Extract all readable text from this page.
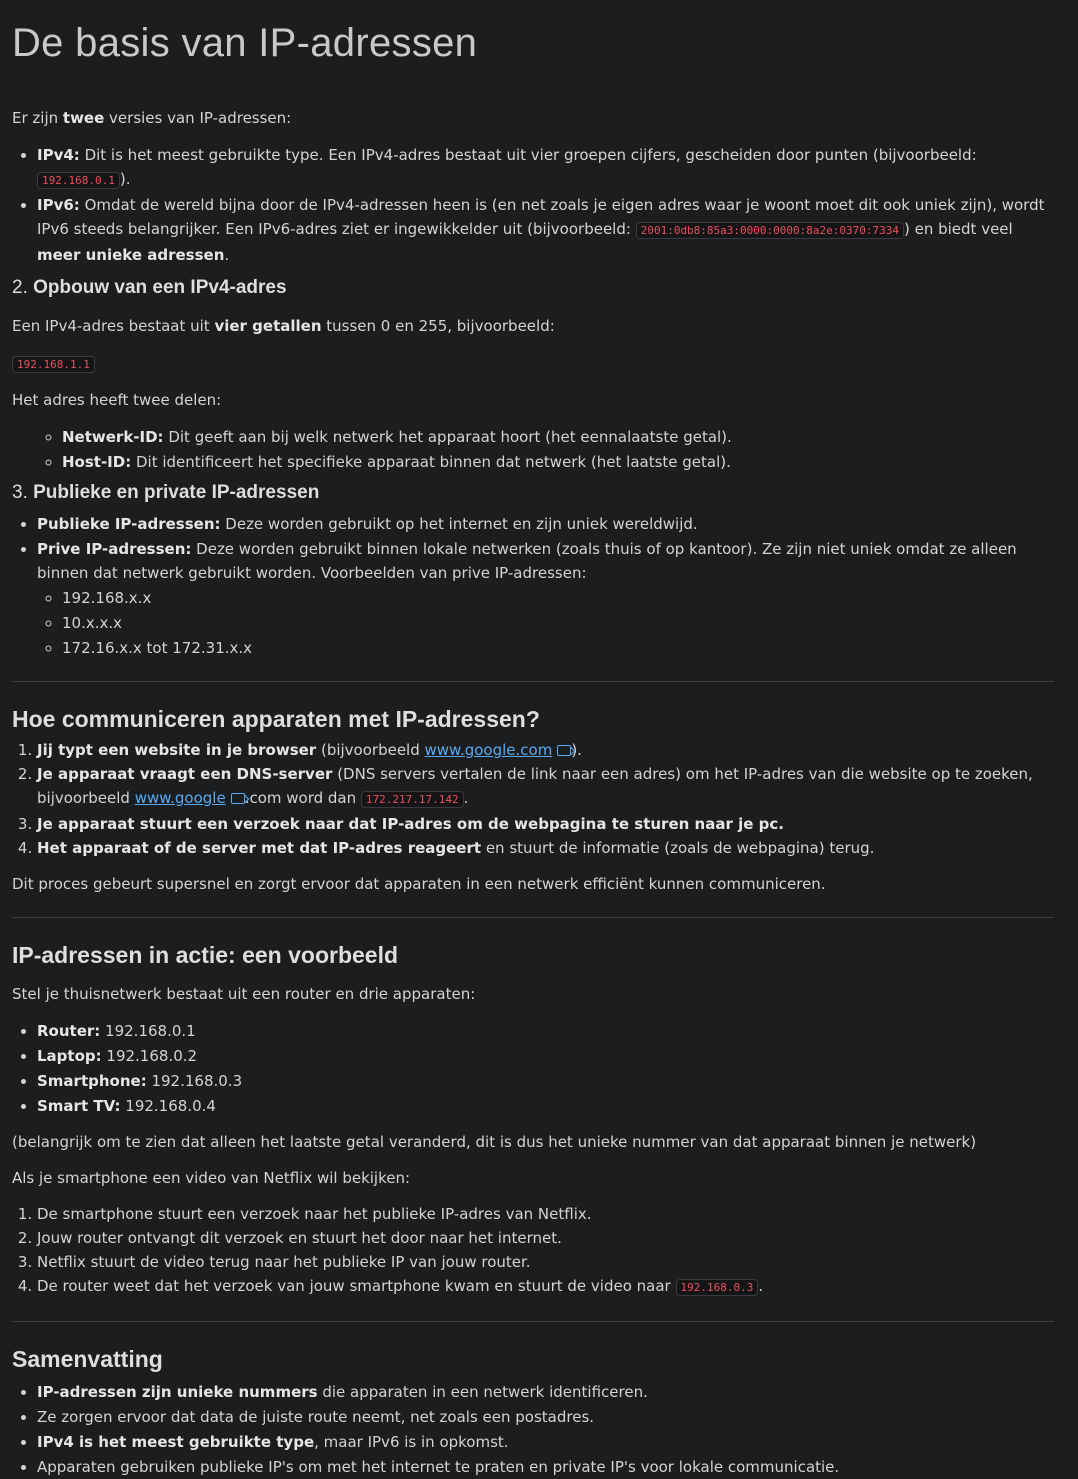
De basis van IP-adressen

Er zijn twee versies van IP-adressen:

• IPv4: Dit is het meest gebruikte type. Een IPv4-adres bestaat uit vier groepen cijfers, gescheiden door punten (bijvoorbeeld: 192.168.0.1 ).
• IPv6: Omdat de wereld bijna door de IPv4-adressen heen is (en net zoals je eigen adres waar je woont moet dit ook uniek zijn), wordt IPv6 steeds belangrijker. Een IPv6-adres ziet er ingewikkelder uit (bijvoorbeeld: 2001:0db8:85a3:0000:0000:8a2e:0370:7334 ) en biedt veel meer unieke adressen.
2. Opbouw van een IPv4-adres

Een IPv4-adres bestaat uit vier getallen tussen 0 en 255, bijvoorbeeld:

192.168.1.1

Het adres heeft twee delen:

◦ Netwerk-ID: Dit geeft aan bij welk netwerk het apparaat hoort (het eennalaatste getal).
◦ Host-ID: Dit identificeert het specifieke apparaat binnen dat netwerk (het laatste getal).
3. Publieke en private IP-adressen
• Publieke IP-adressen: Deze worden gebruikt op het internet en zijn uniek wereldwijd.
• Prive IP-adressen: Deze worden gebruikt binnen lokale netwerken (zoals thuis of op kantoor). Ze zijn niet uniek omdat ze alleen binnen dat netwerk gebruikt worden. Voorbeelden van prive IP-adressen:
◦ 192.168.x.x
◦ 10.x.x.x
◦ 172.16.x.x tot 172.31.x.x
Hoe communiceren apparaten met IP-adressen?
1. Jij typt een website in je browser (bijvoorbeeld www.google.com ).
2. Je apparaat vraagt een DNS-server (DNS servers vertalen de link naar een adres) om het IP-adres van die website op te zoeken, bijvoorbeeld www.google .com word dan 172.217.17.142 .
3. Je apparaat stuurt een verzoek naar dat IP-adres om de webpagina te sturen naar je pc.
4. Het apparaat of de server met dat IP-adres reageert en stuurt de informatie (zoals de webpagina) terug.

Dit proces gebeurt supersnel en zorgt ervoor dat apparaten in een netwerk efficiënt kunnen communiceren.

IP-adressen in actie: een voorbeeld

Stel je thuisnetwerk bestaat uit een router en drie apparaten:

• Router: 192.168.0.1
• Laptop: 192.168.0.2
• Smartphone: 192.168.0.3
• Smart TV: 192.168.0.4

(belangrijk om te zien dat alleen het laatste getal veranderd, dit is dus het unieke nummer van dat apparaat binnen je netwerk)

Als je smartphone een video van Netflix wil bekijken:

1. De smartphone stuurt een verzoek naar het publieke IP-adres van Netflix.
2. Jouw router ontvangt dit verzoek en stuurt het door naar het internet.
3. Netflix stuurt de video terug naar het publieke IP van jouw router.
4. De router weet dat het verzoek van jouw smartphone kwam en stuurt de video naar 192.168.0.3 .
Samenvatting
• IP-adressen zijn unieke nummers die apparaten in een netwerk identificeren.
• Ze zorgen ervoor dat data de juiste route neemt, net zoals een postadres.
• IPv4 is het meest gebruikte type, maar IPv6 is in opkomst.
• Apparaten gebruiken publieke IP's om met het internet te praten en private IP's voor lokale communicatie.
